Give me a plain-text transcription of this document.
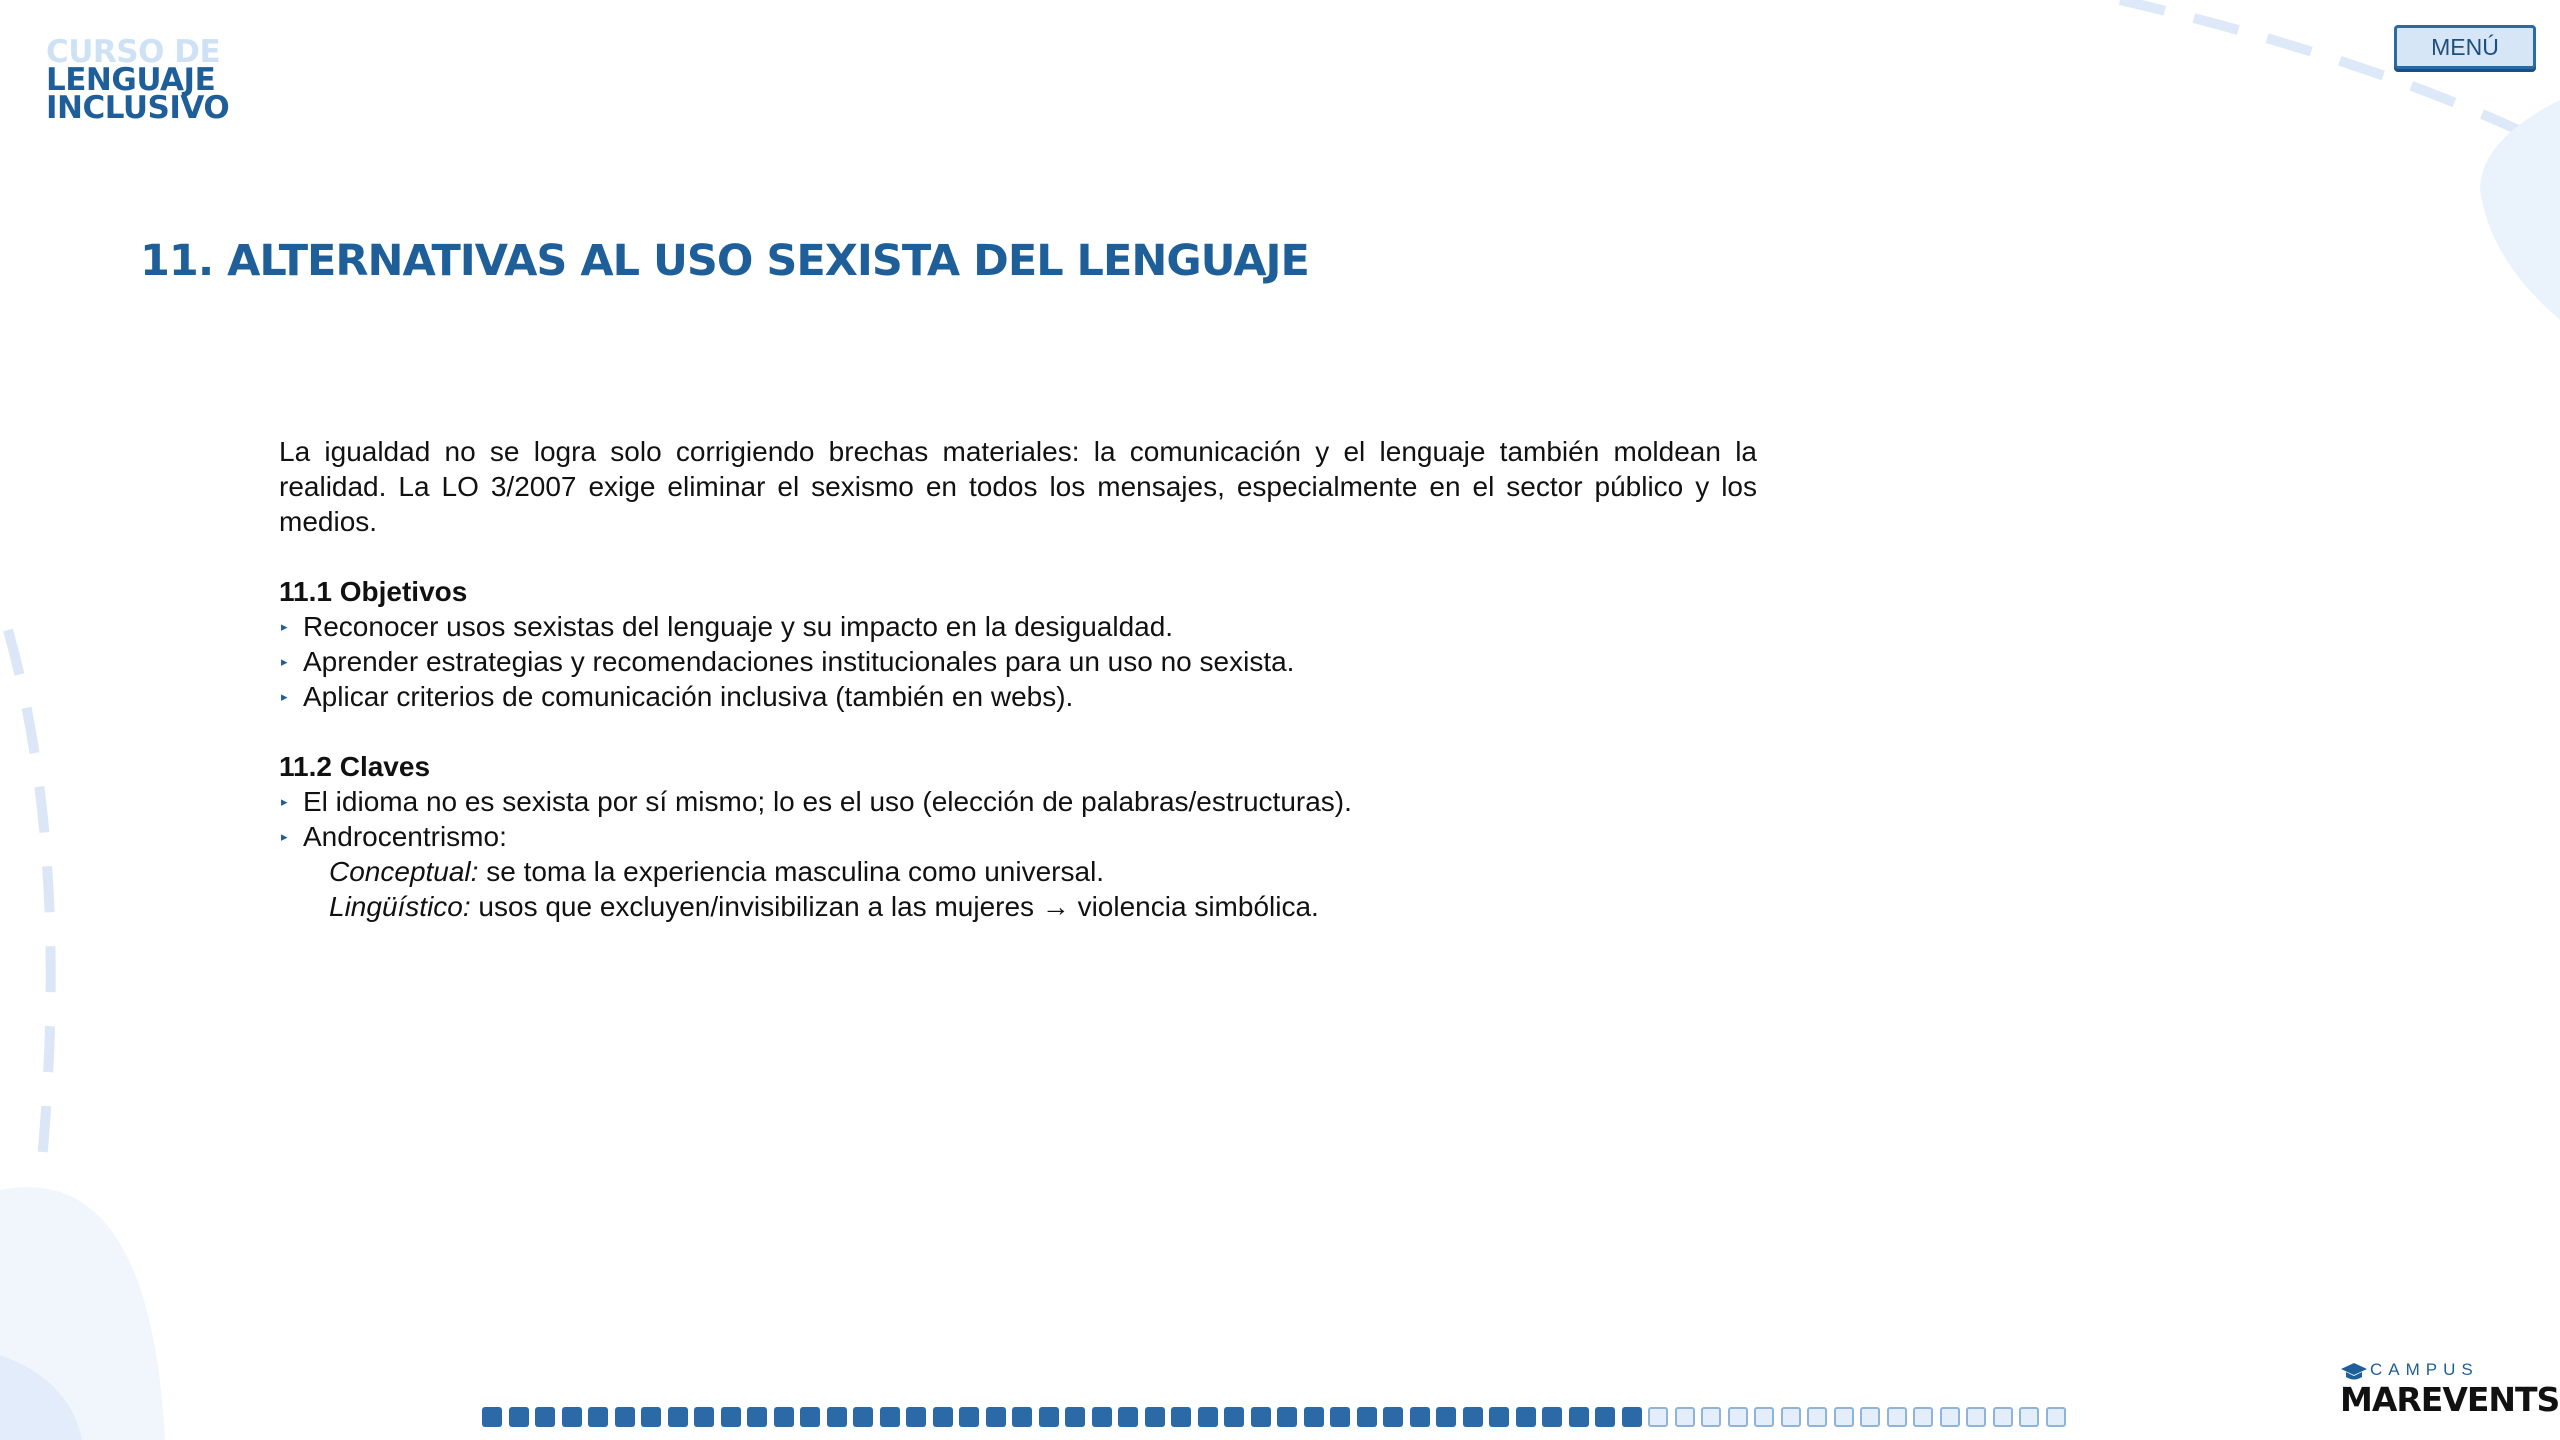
CURSO DE
LENGUAJE
INCLUSIVO
MENÚ
11. ALTERNATIVAS AL USO SEXISTA DEL LENGUAJE

La igualdad no se logra solo corrigiendo brechas materiales: la comunicación y el lenguaje también moldean la realidad. La LO 3/2007 exige eliminar el sexismo en todos los mensajes, especialmente en el sector público y los medios.

11.1 Objetivos
▸ Reconocer usos sexistas del lenguaje y su impacto en la desigualdad.
▸ Aprender estrategias y recomendaciones institucionales para un uso no sexista.
▸ Aplicar criterios de comunicación inclusiva (también en webs).
11.2 Claves
▸ El idioma no es sexista por sí mismo; lo es el uso (elección de palabras/estructuras).
▸ Androcentrismo:
Conceptual: se toma la experiencia masculina como universal.
Lingüístico: usos que excluyen/invisibilizan a las mujeres → violencia simbólica.
CAMPUS
MAREVENTS
